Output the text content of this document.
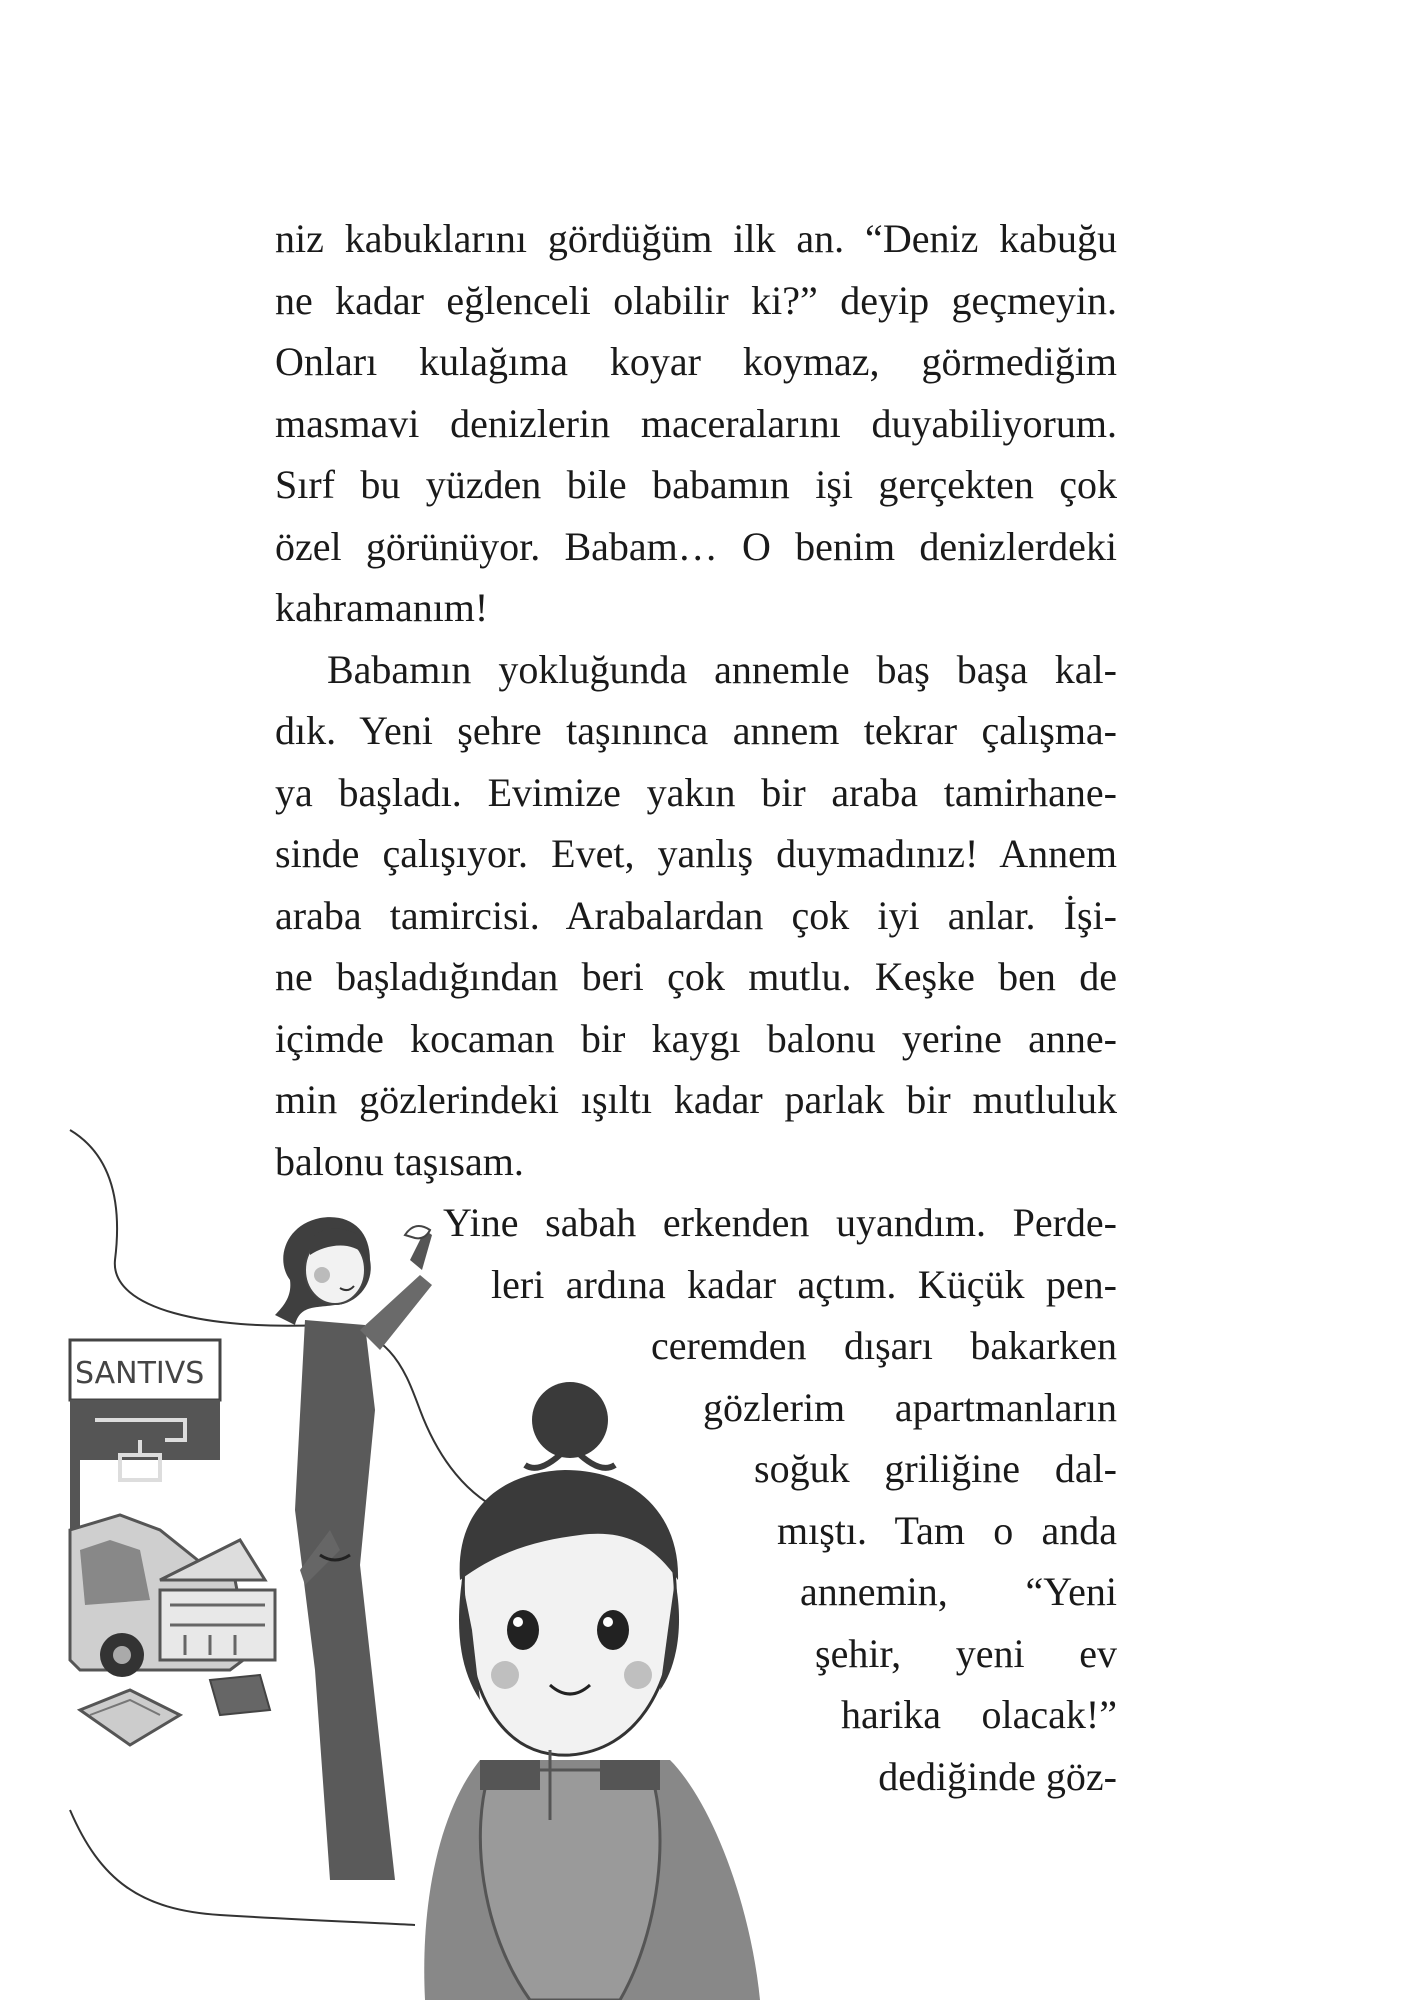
niz kabuklarını gördüğüm ilk an. “Deniz kabuğu
ne kadar eğlenceli olabilir ki?” deyip geçmeyin.
Onları kulağıma koyar koymaz, görmediğim
masmavi denizlerin maceralarını duyabiliyorum.
Sırf bu yüzden bile babamın işi gerçekten çok
özel görünüyor. Babam… O benim denizlerdeki
kahramanım!
Babamın yokluğunda annemle baş başa kal-
dık. Yeni şehre taşınınca annem tekrar çalışma-
ya başladı. Evimize yakın bir araba tamirhane-
sinde çalışıyor. Evet, yanlış duymadınız! Annem
araba tamircisi. Arabalardan çok iyi anlar. İşi-
ne başladığından beri çok mutlu. Keşke ben de
içimde kocaman bir kaygı balonu yerine anne-
min gözlerindeki ışıltı kadar parlak bir mutluluk
balonu taşısam.
SANTIVS
Yine sabah erkenden uyandım. Perde-
leri ardına kadar açtım. Küçük pen-
ceremden dışarı bakarken
gözlerim apartmanların
soğuk griliğine dal-
mıştı. Tam o anda
annemin, “Yeni
şehir, yeni ev
harika olacak!”
dediğinde göz-
